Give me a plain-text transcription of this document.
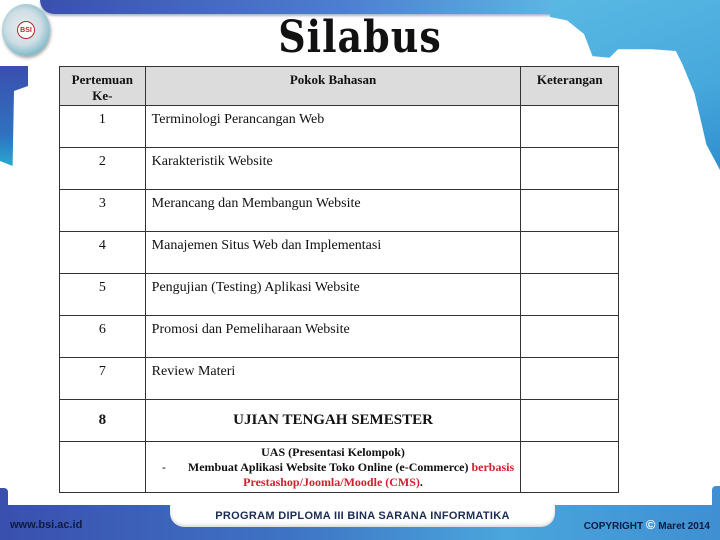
BSI	Silabus
Pertemuan Ke-	Pokok Bahasan	Keterangan
1	Terminologi Perancangan Web	
2	Karakteristik Website	
3	Merancang dan Membangun Website	
4	Manajemen Situs Web dan Implementasi	
5	Pengujian (Testing) Aplikasi Website	
6	Promosi dan Pemeliharaan Website	
7	Review Materi	
8	UJIAN TENGAH SEMESTER	

	UAS (Presentasi Kelompok)
- Membuat Aplikasi Website Toko Online (e-Commerce) berbasis
Prestashop/Joomla/Moodle (CMS).	

PROGRAM DIPLOMA III BINA SARANA INFORMATIKA
www.bsi.ac.id	COPYRIGHT © Maret 2014
